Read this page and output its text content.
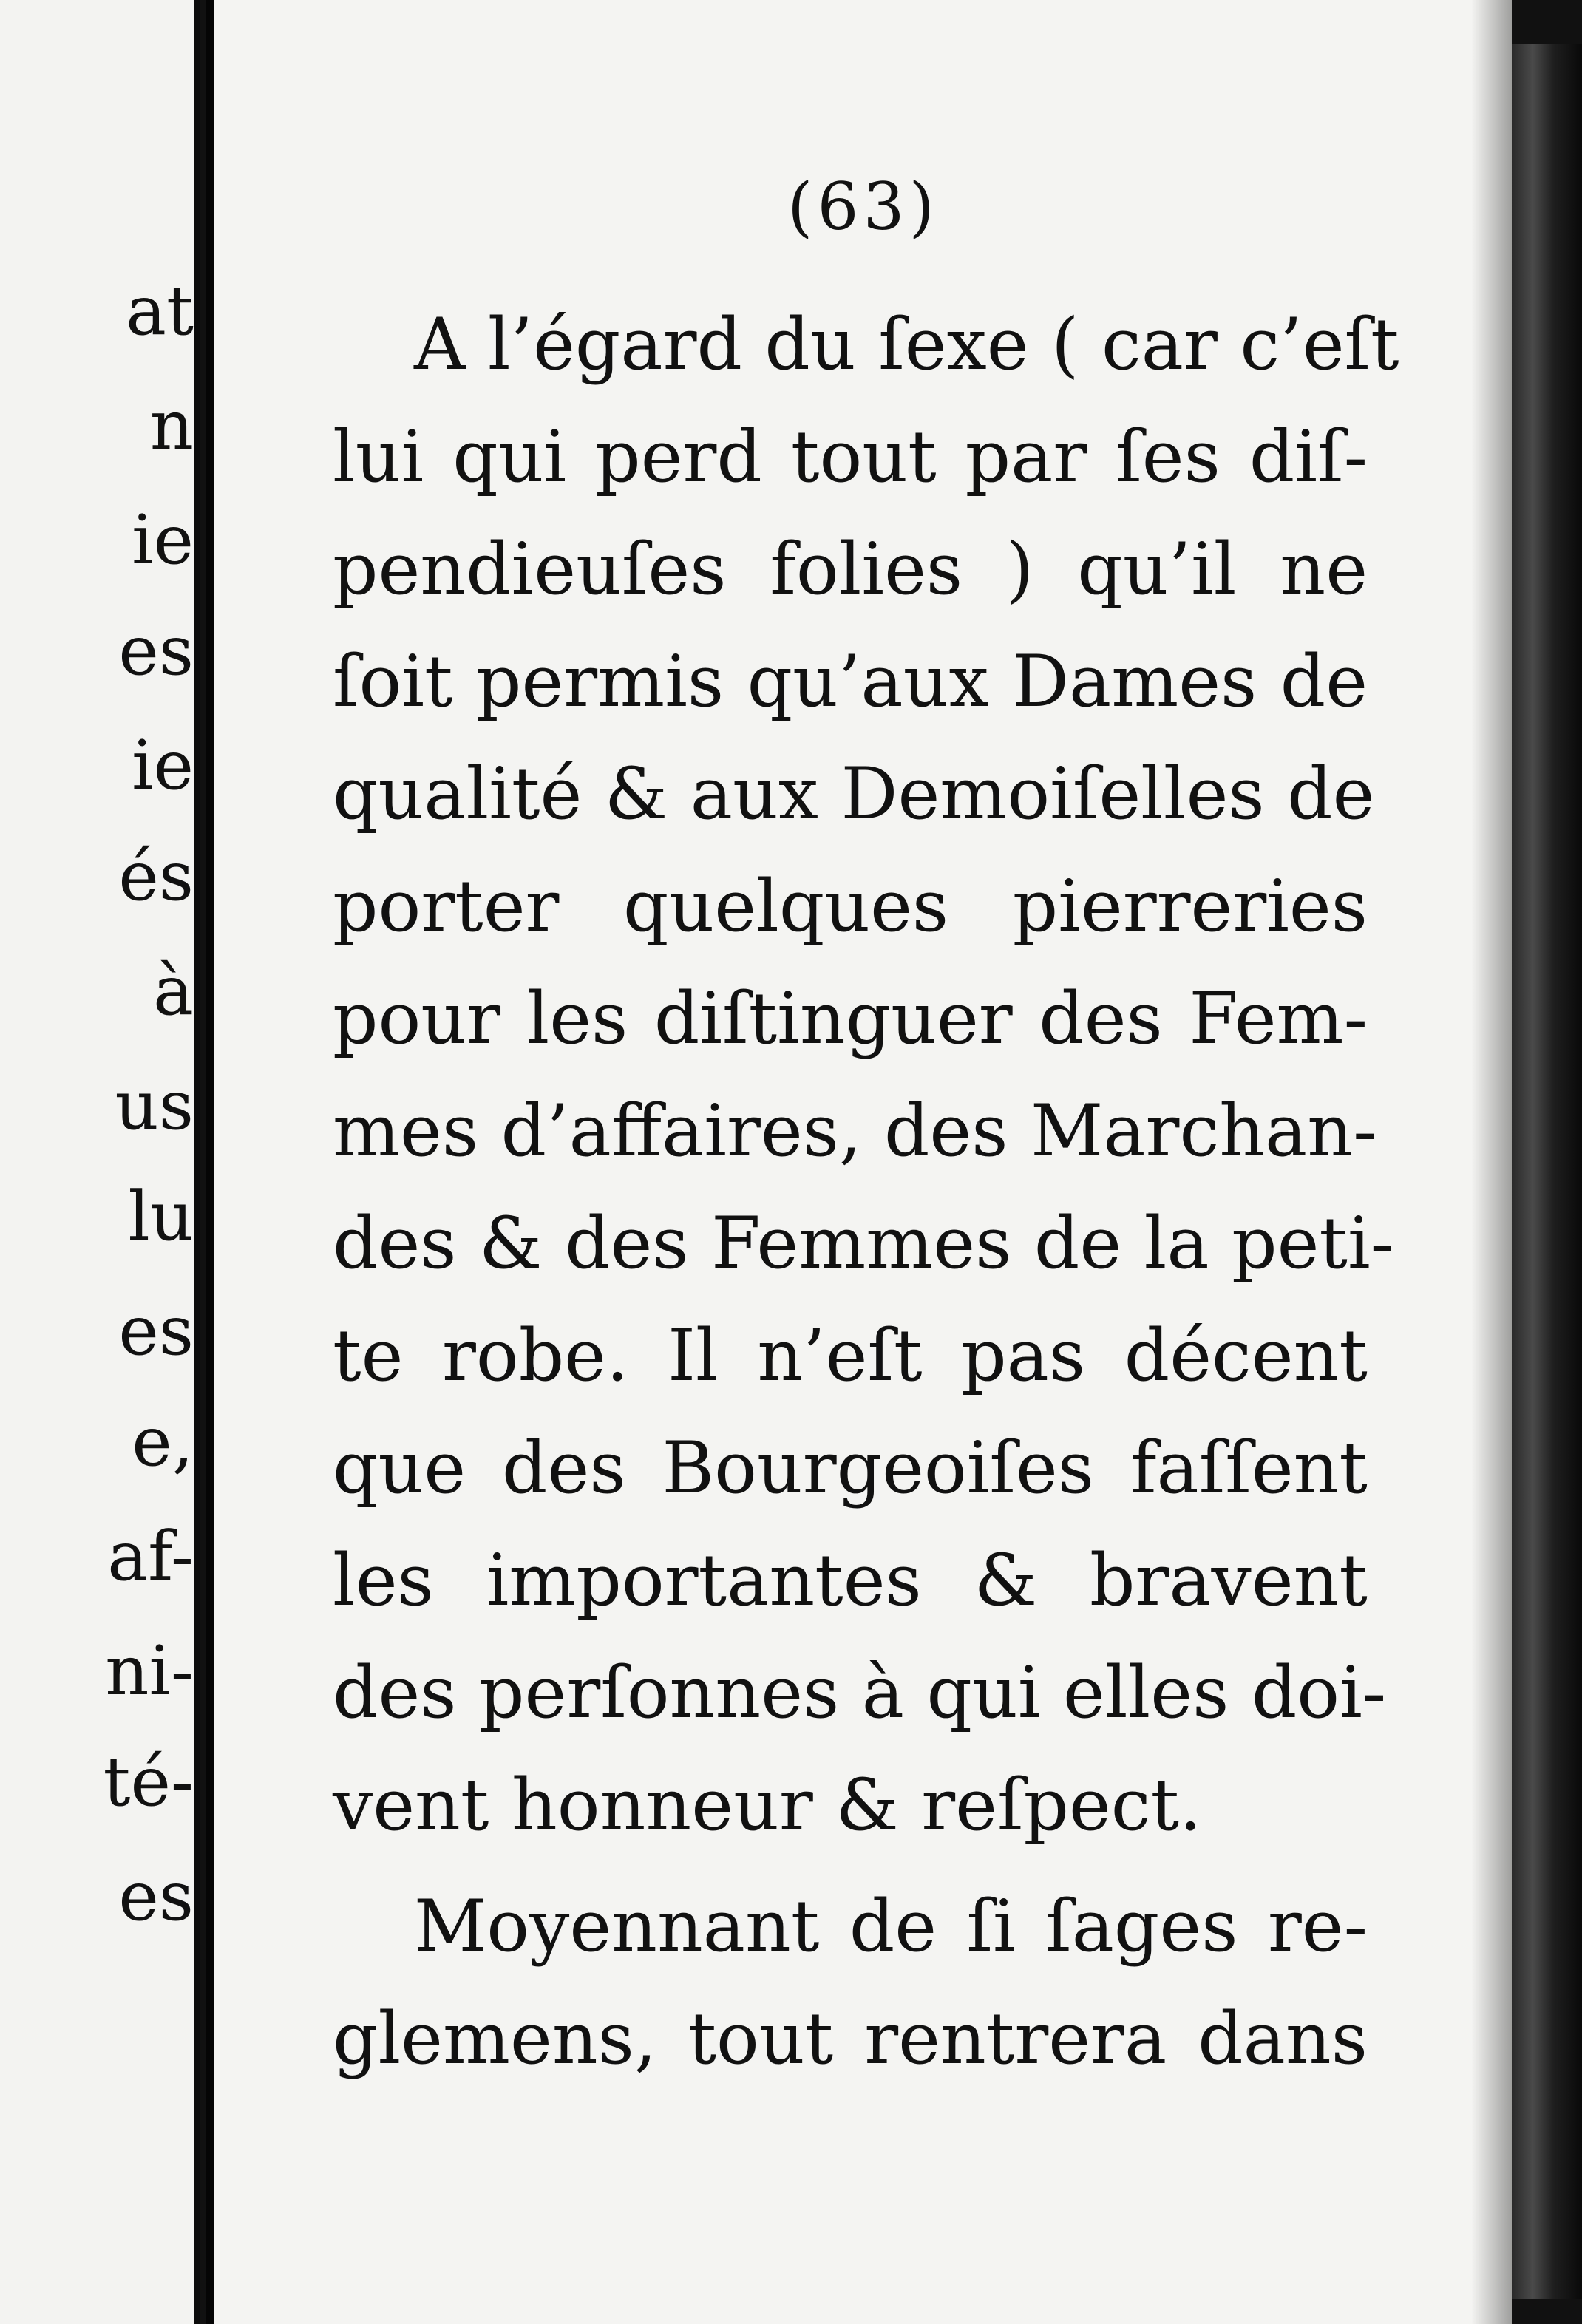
at
n
ie
es
ie
és
à
us
lu
es
e,
af-
ni-
té-
es
(63)
A l’égard du ſexe ( car c’eſt
lui qui perd tout par ſes diſ-
pendieuſes folies ) qu’il ne
ſoit permis qu’aux Dames de
qualité & aux Demoiſelles de
porter quelques pierreries
pour les diſtinguer des Fem-
mes d’affaires, des Marchan-
des & des Femmes de la peti-
te robe. Il n’eſt pas décent
que des Bourgeoiſes faſſent
les importantes & bravent
des perſonnes à qui elles doi-
vent honneur & reſpect.
Moyennant de ſi ſages re-
glemens, tout rentrera dans
